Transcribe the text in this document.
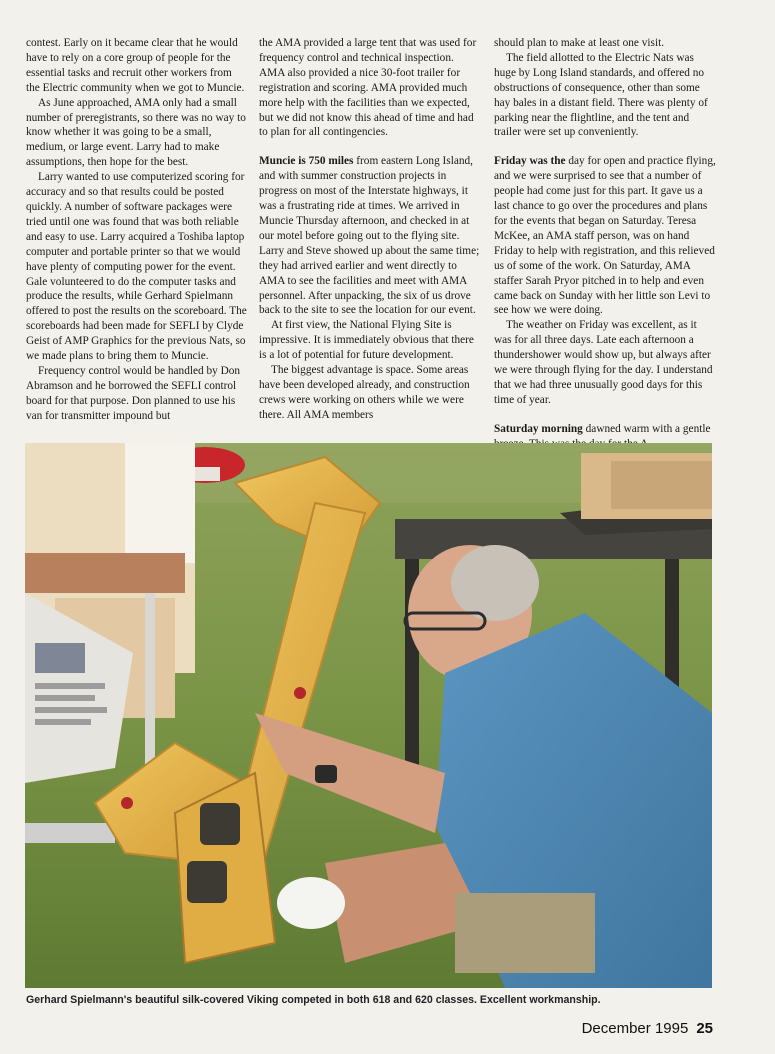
contest. Early on it became clear that he would have to rely on a core group of people for the essential tasks and recruit other workers from the Electric community when we got to Muncie.

As June approached, AMA only had a small number of preregistrants, so there was no way to know whether it was going to be a small, medium, or large event. Larry had to make assumptions, then hope for the best.

Larry wanted to use computerized scoring for accuracy and so that results could be posted quickly. A number of software packages were tried until one was found that was both reliable and easy to use. Larry acquired a Toshiba laptop computer and portable printer so that we would have plenty of computing power for the event. Gale volunteered to do the computer tasks and produce the results, while Gerhard Spielmann offered to post the results on the scoreboard. The scoreboards had been made for SEFLI by Clyde Geist of AMP Graphics for the previous Nats, so we made plans to bring them to Muncie.

Frequency control would be handled by Don Abramson and he borrowed the SEFLI control board for that purpose. Don planned to use his van for transmitter impound but

the AMA provided a large tent that was used for frequency control and technical inspection. AMA also provided a nice 30-foot trailer for registration and scoring. AMA provided much more help with the facilities than we expected, but we did not know this ahead of time and had to plan for all contingencies.

Muncie is 750 miles from eastern Long Island, and with summer construction projects in progress on most of the Interstate highways, it was a frustrating ride at times. We arrived in Muncie Thursday afternoon, and checked in at our motel before going out to the flying site. Larry and Steve showed up about the same time; they had arrived earlier and went directly to AMA to see the facilities and meet with AMA personnel. After unpacking, the six of us drove back to the site to see the location for our event.

At first view, the National Flying Site is impressive. It is immediately obvious that there is a lot of potential for future development.

The biggest advantage is space. Some areas have been developed already, and construction crews were working on others while we were there. All AMA members

should plan to make at least one visit.

The field allotted to the Electric Nats was huge by Long Island standards, and offered no obstructions of consequence, other than some hay bales in a distant field. There was plenty of parking near the flightline, and the tent and trailer were set up conveniently.

Friday was the day for open and practice flying, and we were surprised to see that a number of people had come just for this part. It gave us a last chance to go over the procedures and plans for the events that began on Saturday. Teresa McKee, an AMA staff person, was on hand Friday to help with registration, and this relieved us of some of the work. On Saturday, AMA staffer Sarah Pryor pitched in to help and even came back on Sunday with her little son Levi to see how we were doing.

The weather on Friday was excellent, as it was for all three days. Late each afternoon a thundershower would show up, but always after we were through flying for the day. I understand that we had three unusually good days for this time of year.

Saturday morning dawned warm with a gentle

Gerhard Spielmann's beautiful silk-covered Viking competed in both 618 and 620 classes. Excellent workmanship.
December 1995 25
